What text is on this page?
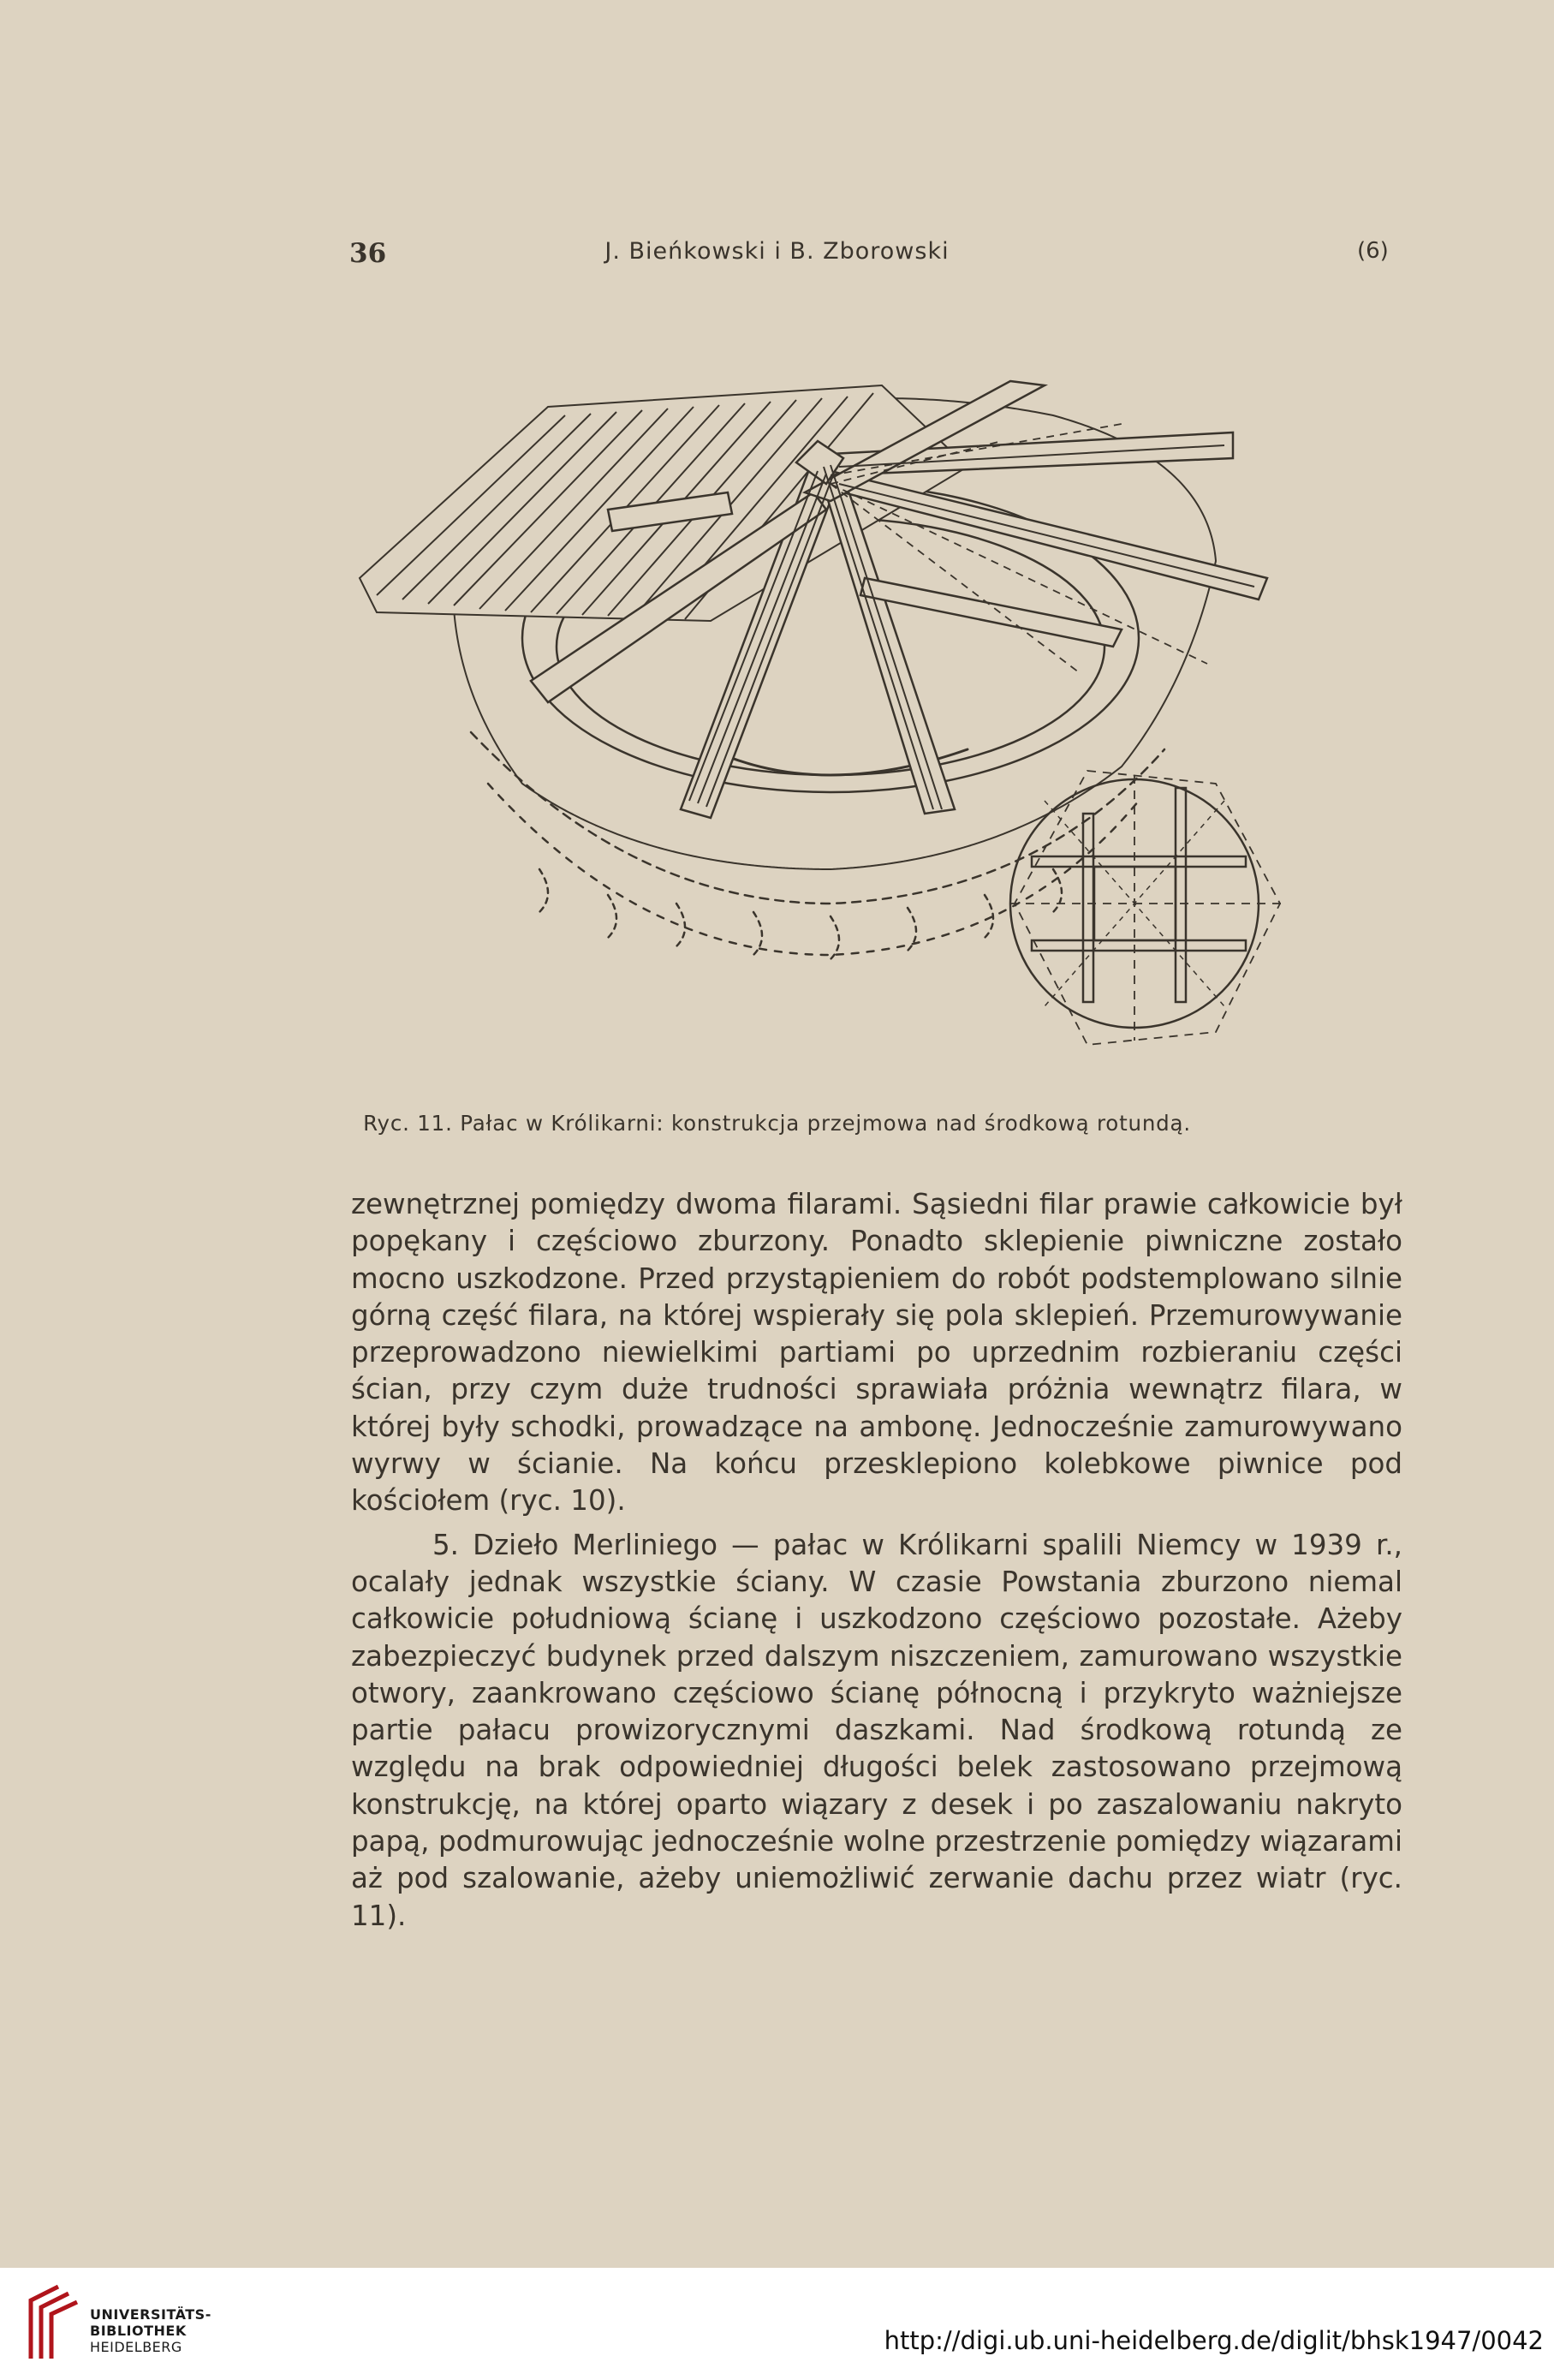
36	J. Bieńkowski i B. Zborowski	(6)
Ryc. 11. Pałac w Królikarni: konstrukcja przejmowa nad środkową rotundą.

zewnętrznej pomiędzy dwoma filarami. Sąsiedni filar prawie całkowicie był popękany i częściowo zburzony. Ponadto sklepienie piwniczne zostało mocno uszkodzone. Przed przystąpieniem do robót podstemplowano silnie górną część filara, na której wspierały się pola sklepień. Przemurowywanie przeprowadzono niewielkimi partiami po uprzednim rozbieraniu części ścian, przy czym duże trudności sprawiała próżnia wewnątrz filara, w której były schodki, prowadzące na ambonę. Jednocześnie zamurowywano wyrwy w ścianie. Na końcu przesklepiono kolebkowe piwnice pod kościołem (ryc. 10).

5. Dzieło Merliniego — pałac w Królikarni spalili Niemcy w 1939 r., ocalały jednak wszystkie ściany. W czasie Powstania zburzono niemal całkowicie południową ścianę i uszkodzono częściowo pozostałe. Ażeby zabezpieczyć budynek przed dalszym niszczeniem, zamurowano wszystkie otwory, zaankrowano częściowo ścianę północną i przykryto ważniejsze partie pałacu prowizorycznymi daszkami. Nad środkową rotundą ze względu na brak odpowiedniej długości belek zastosowano przejmową konstrukcję, na której oparto wiązary z desek i po zaszalowaniu nakryto papą, podmurowując jednocześnie wolne przestrzenie pomiędzy wiązarami aż pod szalowanie, ażeby uniemożliwić zerwanie dachu przez wiatr (ryc. 11).

UNIVERSITÄTS-
BIBLIOTHEK
HEIDELBERG	http://digi.ub.uni-heidelberg.de/diglit/bhsk1947/0042
